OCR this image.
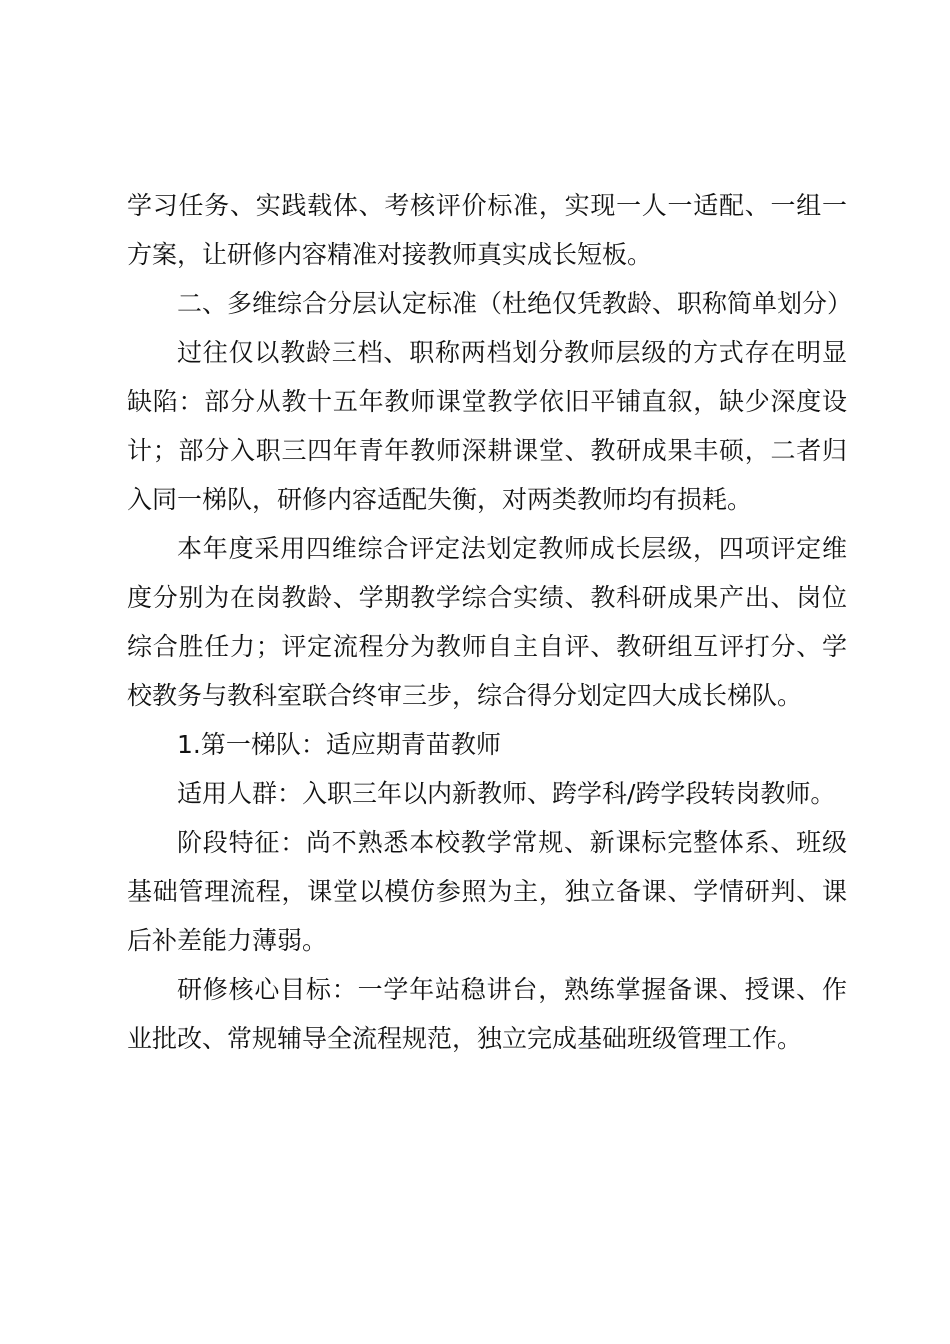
学习任务、实践载体、考核评价标准，实现一人一适配、一组一方案，让研修内容精准对接教师真实成长短板。

二、多维综合分层认定标准（杜绝仅凭教龄、职称简单划分）

过往仅以教龄三档、职称两档划分教师层级的方式存在明显缺陷：部分从教十五年教师课堂教学依旧平铺直叙，缺少深度设计；部分入职三四年青年教师深耕课堂、教研成果丰硕，二者归入同一梯队，研修内容适配失衡，对两类教师均有损耗。

本年度采用四维综合评定法划定教师成长层级，四项评定维度分别为在岗教龄、学期教学综合实绩、教科研成果产出、岗位综合胜任力；评定流程分为教师自主自评、教研组互评打分、学校教务与教科室联合终审三步，综合得分划定四大成长梯队。

1.第一梯队：适应期青苗教师

适用人群：入职三年以内新教师、跨学科/跨学段转岗教师。

阶段特征：尚不熟悉本校教学常规、新课标完整体系、班级基础管理流程，课堂以模仿参照为主，独立备课、学情研判、课后补差能力薄弱。

研修核心目标：一学年站稳讲台，熟练掌握备课、授课、作业批改、常规辅导全流程规范，独立完成基础班级管理工作。
